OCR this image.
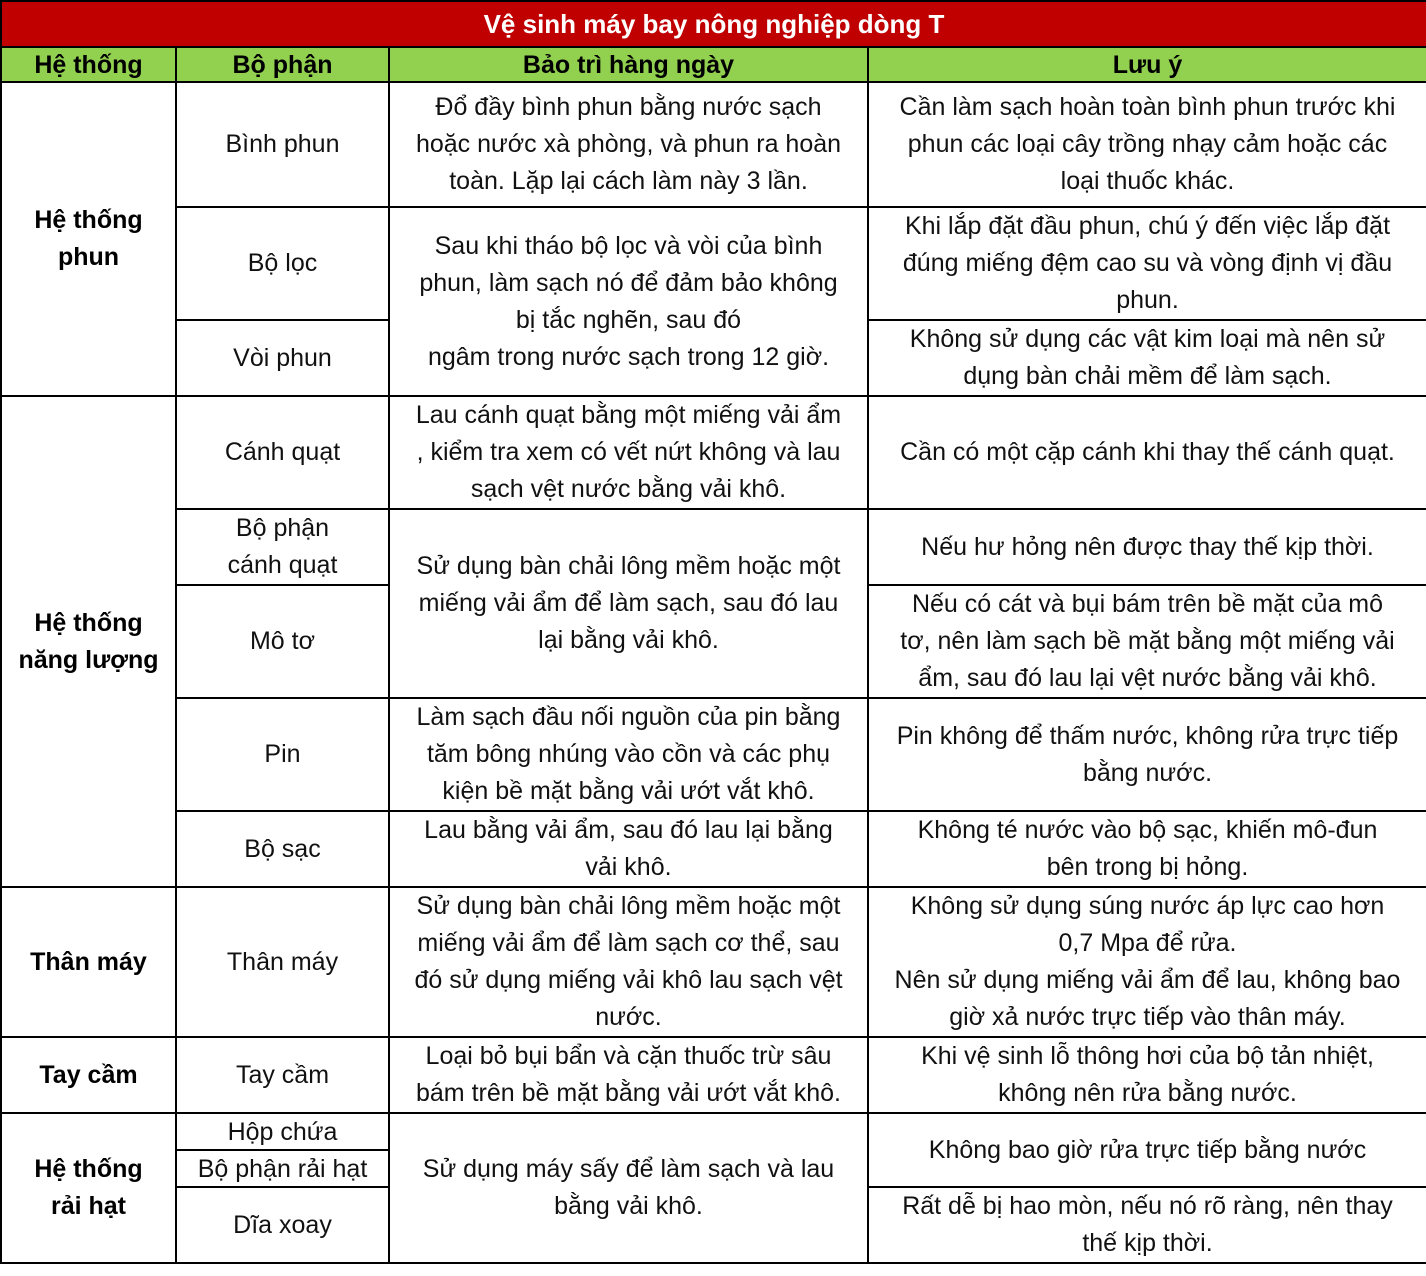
Vệ sinh máy bay nông nghiệp dòng T			
Hệ thống	Bộ phận	Bảo trì hàng ngày	Lưu ý

Hệ thống
phun	Bình phun	Đổ đầy bình phun bằng nước sạch
hoặc nước xà phòng, và phun ra hoàn
toàn. Lặp lại cách làm này 3 lần.	Cần làm sạch hoàn toàn bình phun trước khi
phun các loại cây trồng nhạy cảm hoặc các
loại thuốc khác.

	Bộ lọc	Sau khi tháo bộ lọc và vòi của bình
phun, làm sạch nó để đảm bảo không
bị tắc nghẽn, sau đó
ngâm trong nước sạch trong 12 giờ.	Khi lắp đặt đầu phun, chú ý đến việc lắp đặt
đúng miếng đệm cao su và vòng định vị đầu
phun.

	Vòi phun		Không sử dụng các vật kim loại mà nên sử
dụng bàn chải mềm để làm sạch.

Hệ thống
năng lượng	Cánh quạt	Lau cánh quạt bằng một miếng vải ẩm
, kiểm tra xem có vết nứt không và lau
sạch vệt nước bằng vải khô.	Cần có một cặp cánh khi thay thế cánh quạt.

	Bộ phận
cánh quạt	Sử dụng bàn chải lông mềm hoặc một
miếng vải ẩm để làm sạch, sau đó lau
lại bằng vải khô.	Nếu hư hỏng nên được thay thế kịp thời.
	Mô tơ		Nếu có cát và bụi bám trên bề mặt của mô
tơ, nên làm sạch bề mặt bằng một miếng vải
ẩm, sau đó lau lại vệt nước bằng vải khô.

	Pin	Làm sạch đầu nối nguồn của pin bằng
tăm bông nhúng vào cồn và các phụ
kiện bề mặt bằng vải ướt vắt khô.	Pin không để thấm nước, không rửa trực tiếp
bằng nước.

	Bộ sạc	Lau bằng vải ẩm, sau đó lau lại bằng
vải khô.	Không té nước vào bộ sạc, khiến mô-đun
bên trong bị hỏng.

Thân máy	Thân máy	Sử dụng bàn chải lông mềm hoặc một
miếng vải ẩm để làm sạch cơ thể, sau
đó sử dụng miếng vải khô lau sạch vệt
nước.	Không sử dụng súng nước áp lực cao hơn
0,7 Mpa để rửa.
Nên sử dụng miếng vải ẩm để lau, không bao
giờ xả nước trực tiếp vào thân máy.

Tay cầm	Tay cầm	Loại bỏ bụi bẩn và cặn thuốc trừ sâu
bám trên bề mặt bằng vải ướt vắt khô.	Khi vệ sinh lỗ thông hơi của bộ tản nhiệt,
không nên rửa bằng nước.

Hệ thống
rải hạt	Hộp chứa	Sử dụng máy sấy để làm sạch và lau
bằng vải khô.	Không bao giờ rửa trực tiếp bằng nước
	Bộ phận rải hạt		
	Dĩa xoay		Rất dễ bị hao mòn, nếu nó rõ ràng, nên thay
thế kịp thời.
